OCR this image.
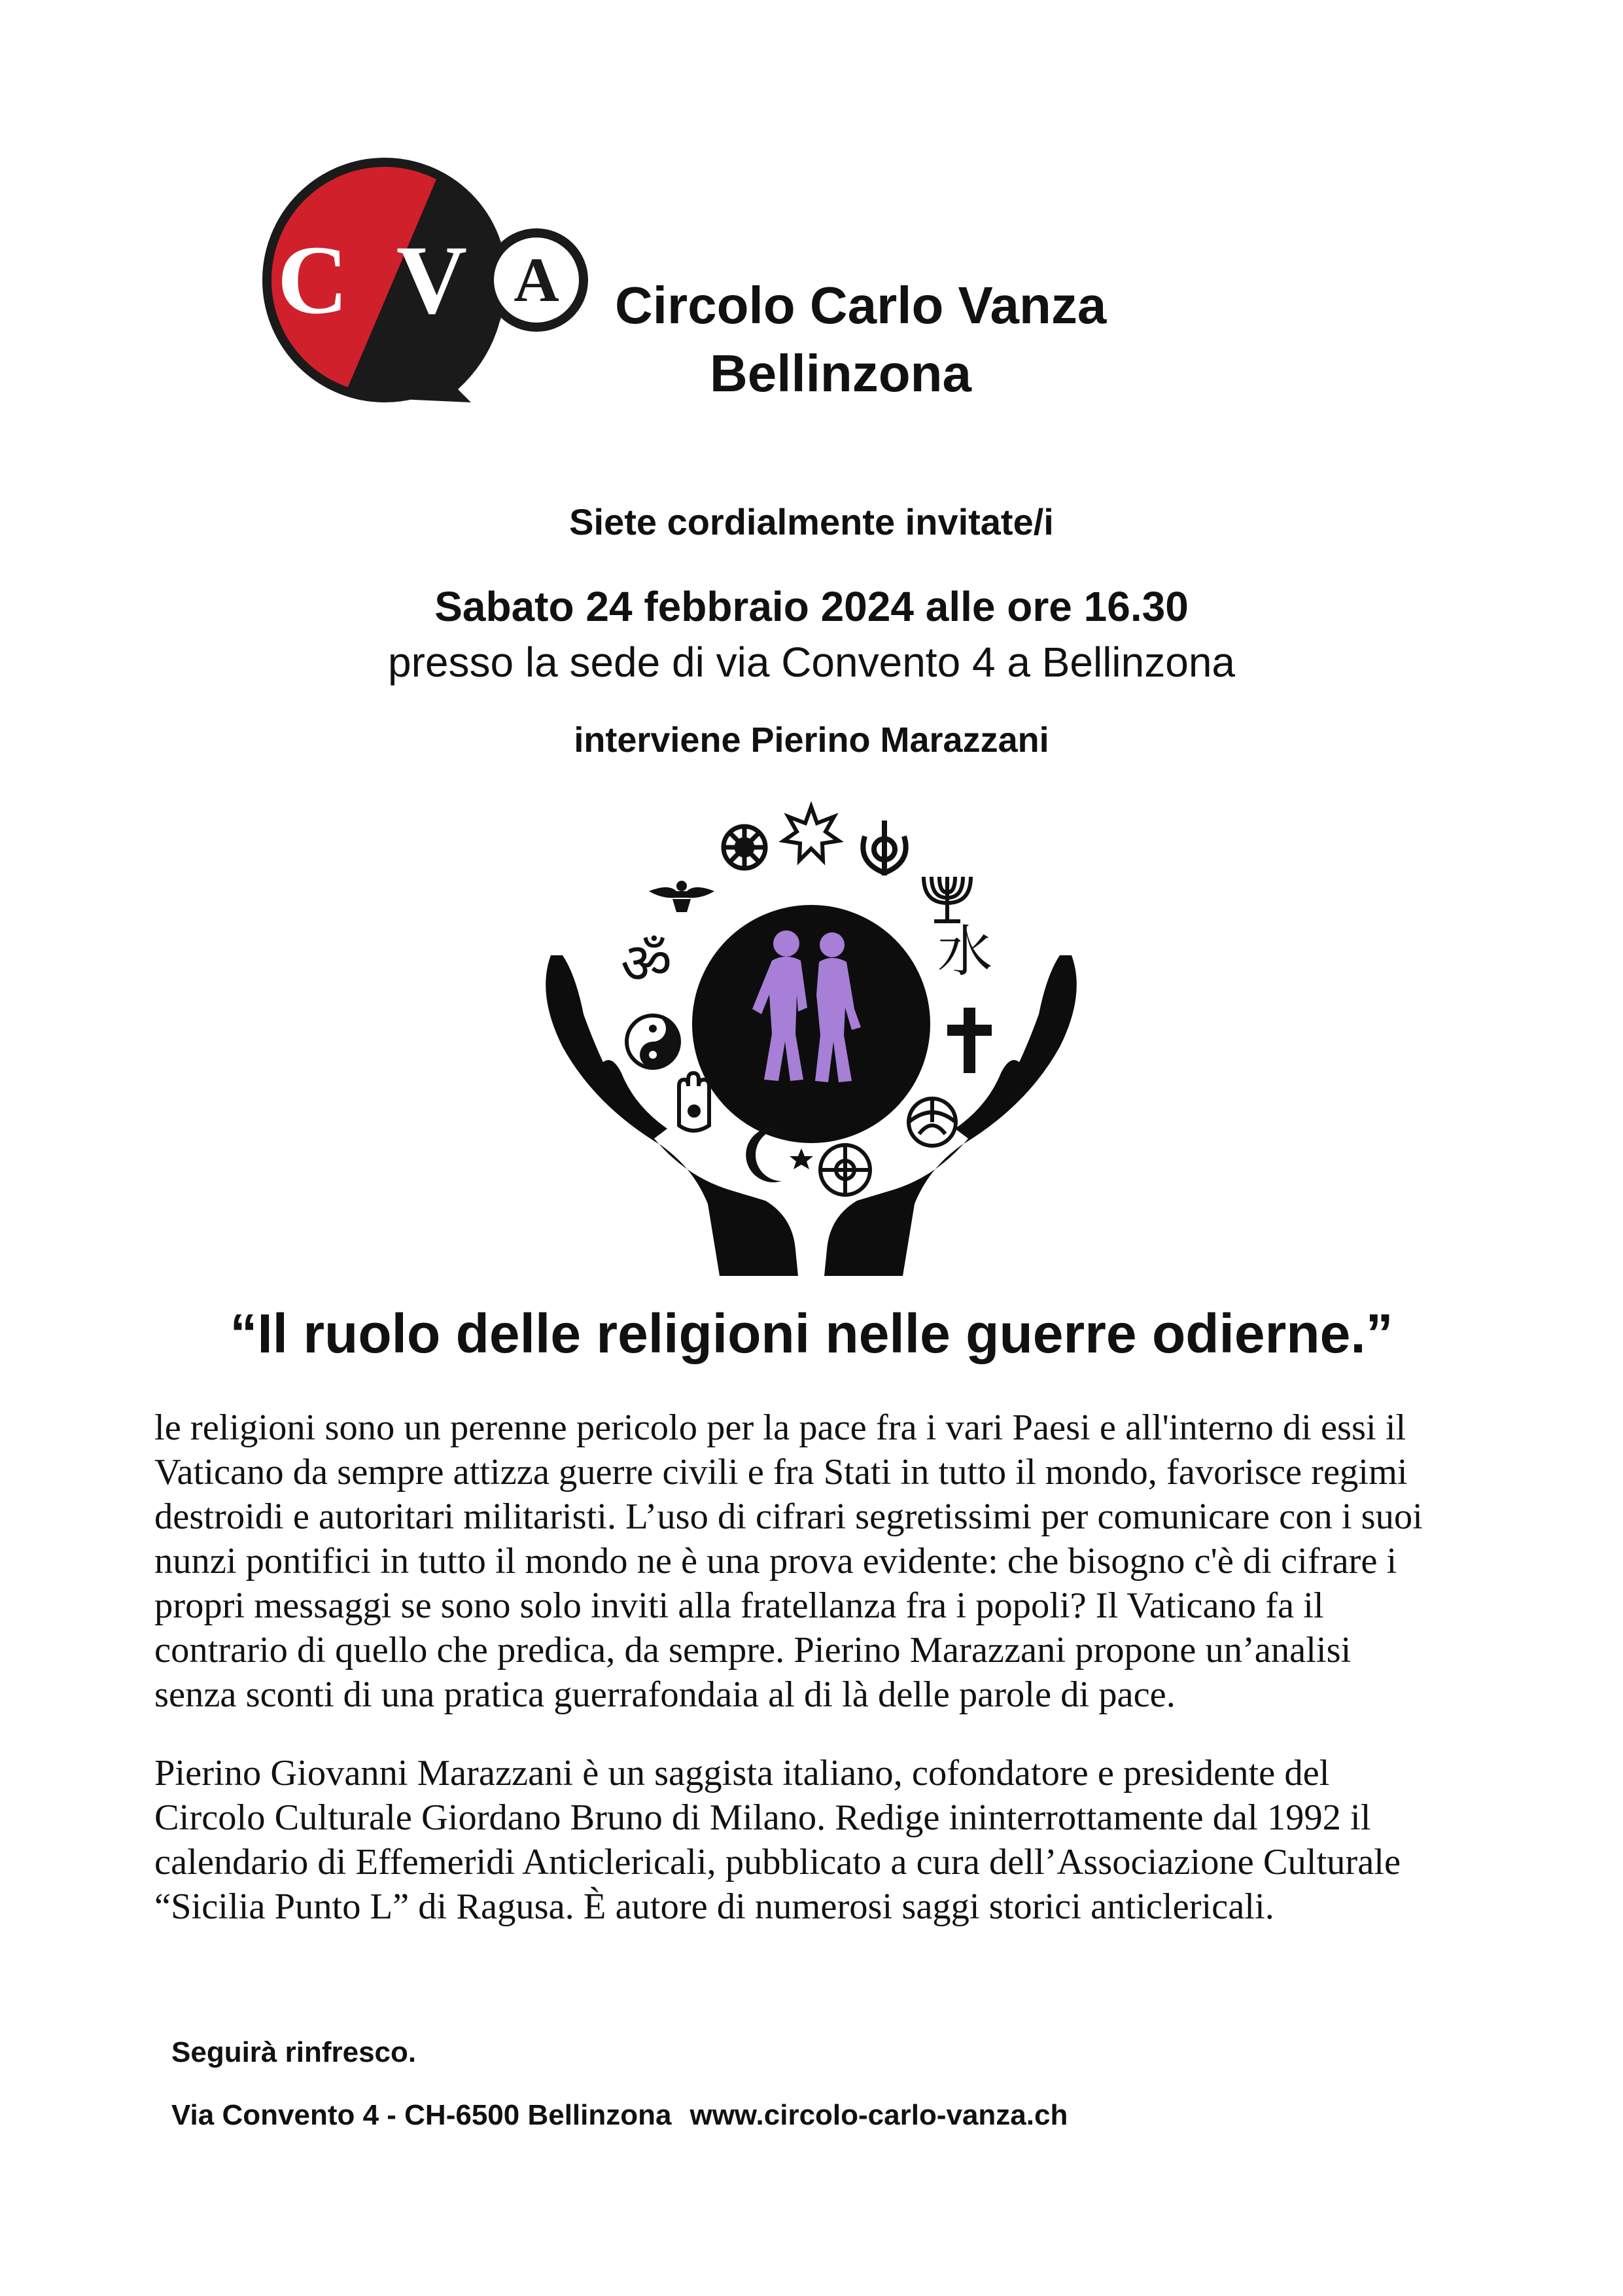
C V A Circolo Carlo Vanza
Bellinzona
Siete cordialmente invitate/i
Sabato 24 febbraio 2024 alle ore 16.30
presso la sede di via Convento 4 a Bellinzona
interviene Pierino Marazzani
水
ॐ
“Il ruolo delle religioni nelle guerre odierne.”
le religioni sono un perenne pericolo per la pace fra i vari Paesi e all'interno di essi il
Vaticano da sempre attizza guerre civili e fra Stati in tutto il mondo, favorisce regimi
destroidi e autoritari militaristi. L’uso di cifrari segretissimi per comunicare con i suoi
nunzi pontifici in tutto il mondo ne è una prova evidente: che bisogno c'è di cifrare i
propri messaggi se sono solo inviti alla fratellanza fra i popoli? Il Vaticano fa il
contrario di quello che predica, da sempre. Pierino Marazzani propone un’analisi
senza sconti di una pratica guerrafondaia al di là delle parole di pace.
Pierino Giovanni Marazzani è un saggista italiano, cofondatore e presidente del
Circolo Culturale Giordano Bruno di Milano. Redige ininterrottamente dal 1992 il
calendario di Effemeridi Anticlericali, pubblicato a cura dell’Associazione Culturale
“Sicilia Punto L” di Ragusa. È autore di numerosi saggi storici anticlericali.
Seguirà rinfresco.
Via Convento 4 - CH-6500 Bellinzona www.circolo-carlo-vanza.ch
